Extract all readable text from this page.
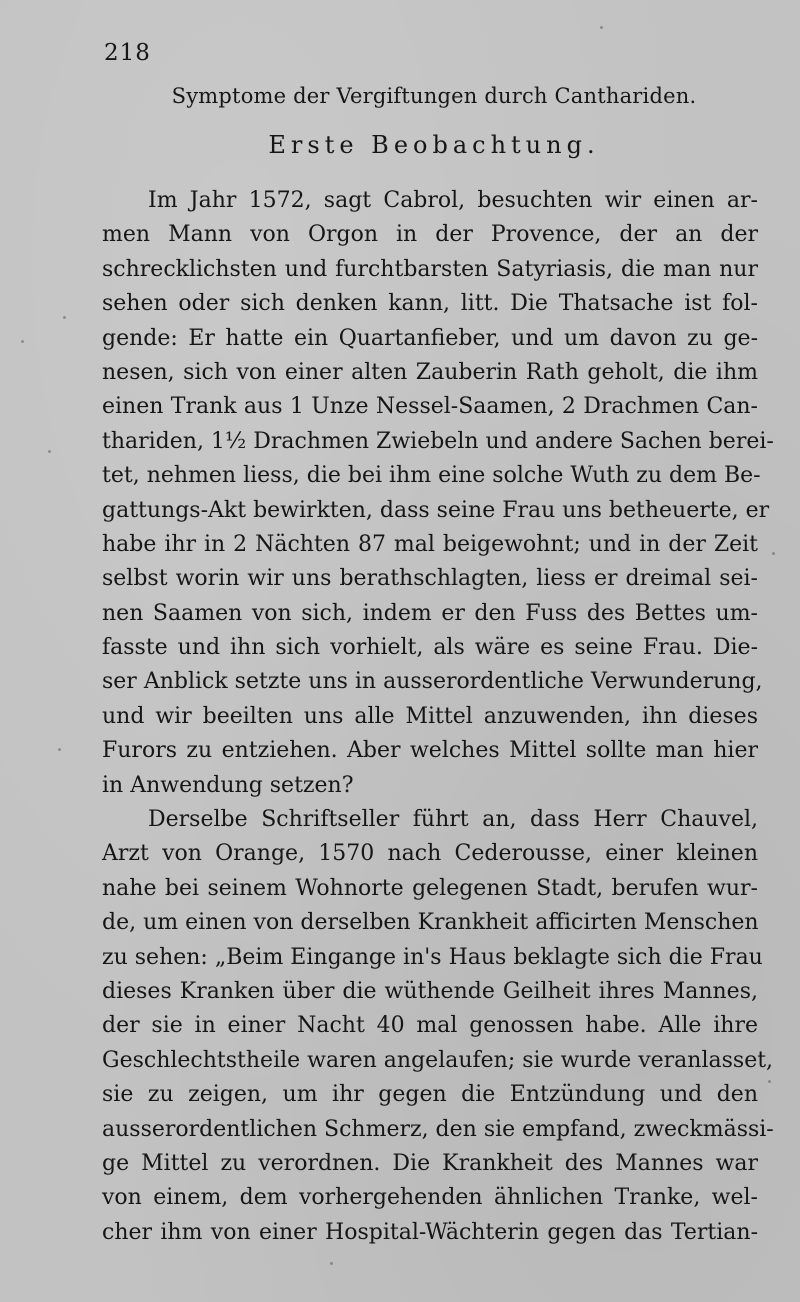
218
Symptome der Vergiftungen durch Canthariden.
Erste Beobachtung.
Im Jahr 1572, sagt Cabrol, besuchten wir einen ar-
men Mann von Orgon in der Provence, der an der
schrecklichsten und furchtbarsten Satyriasis, die man nur
sehen oder sich denken kann, litt. Die Thatsache ist fol-
gende: Er hatte ein Quartanfieber, und um davon zu ge-
nesen, sich von einer alten Zauberin Rath geholt, die ihm
einen Trank aus 1 Unze Nessel-Saamen, 2 Drachmen Can-
thariden, 1½ Drachmen Zwiebeln und andere Sachen berei-
tet, nehmen liess, die bei ihm eine solche Wuth zu dem Be-
gattungs-Akt bewirkten, dass seine Frau uns betheuerte, er
habe ihr in 2 Nächten 87 mal beigewohnt; und in der Zeit
selbst worin wir uns berathschlagten, liess er dreimal sei-
nen Saamen von sich, indem er den Fuss des Bettes um-
fasste und ihn sich vorhielt, als wäre es seine Frau. Die-
ser Anblick setzte uns in ausserordentliche Verwunderung,
und wir beeilten uns alle Mittel anzuwenden, ihn dieses
Furors zu entziehen. Aber welches Mittel sollte man hier
in Anwendung setzen?
Derselbe Schriftseller führt an, dass Herr Chauvel,
Arzt von Orange, 1570 nach Cederousse, einer kleinen
nahe bei seinem Wohnorte gelegenen Stadt, berufen wur-
de, um einen von derselben Krankheit afficirten Menschen
zu sehen: „Beim Eingange in's Haus beklagte sich die Frau
dieses Kranken über die wüthende Geilheit ihres Mannes,
der sie in einer Nacht 40 mal genossen habe. Alle ihre
Geschlechtstheile waren angelaufen; sie wurde veranlasset,
sie zu zeigen, um ihr gegen die Entzündung und den
ausserordentlichen Schmerz, den sie empfand, zweckmässi-
ge Mittel zu verordnen. Die Krankheit des Mannes war
von einem, dem vorhergehenden ähnlichen Tranke, wel-
cher ihm von einer Hospital-Wächterin gegen das Tertian-
